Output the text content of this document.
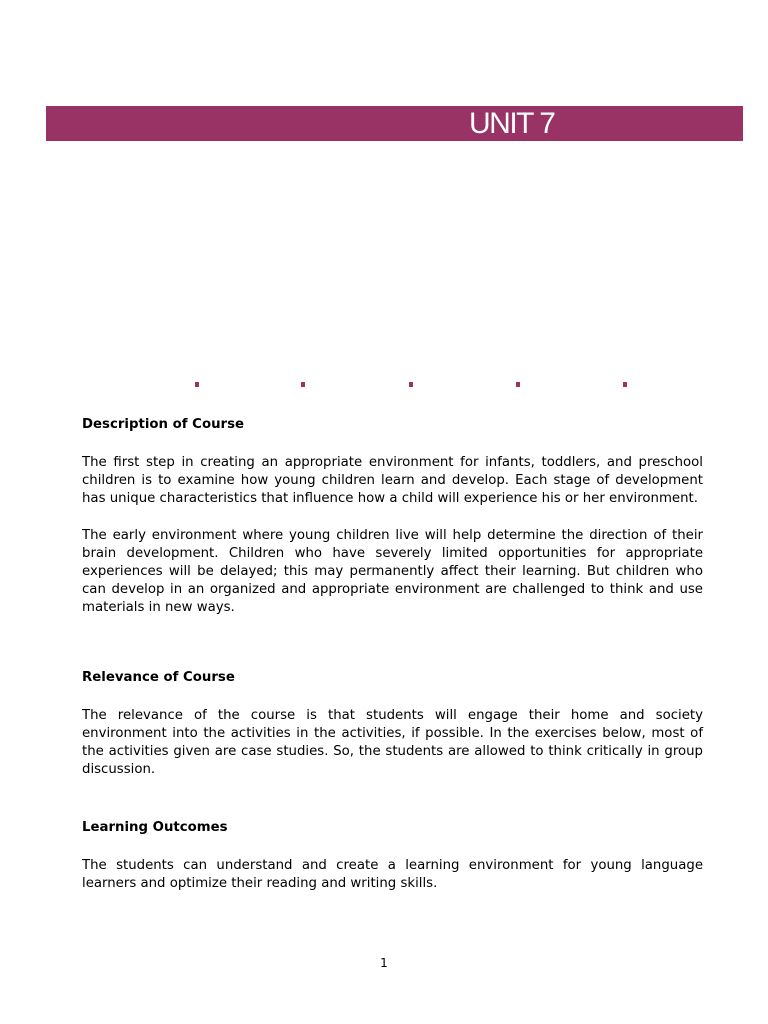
UNIT 7
Description of Course

The first step in creating an appropriate environment for infants, toddlers, and preschool children is to examine how young children learn and develop. Each stage of development has unique characteristics that influence how a child will experience his or her environment.

The early environment where young children live will help determine the direction of their brain development. Children who have severely limited opportunities for appropriate experiences will be delayed; this may permanently affect their learning. But children who can develop in an organized and appropriate environment are challenged to think and use materials in new ways.

Relevance of Course

The relevance of the course is that students will engage their home and society environment into the activities in the activities, if possible. In the exercises below, most of the activities given are case studies. So, the students are allowed to think critically in group discussion.

Learning Outcomes

The students can understand and create a learning environment for young language learners and optimize their reading and writing skills.

1
